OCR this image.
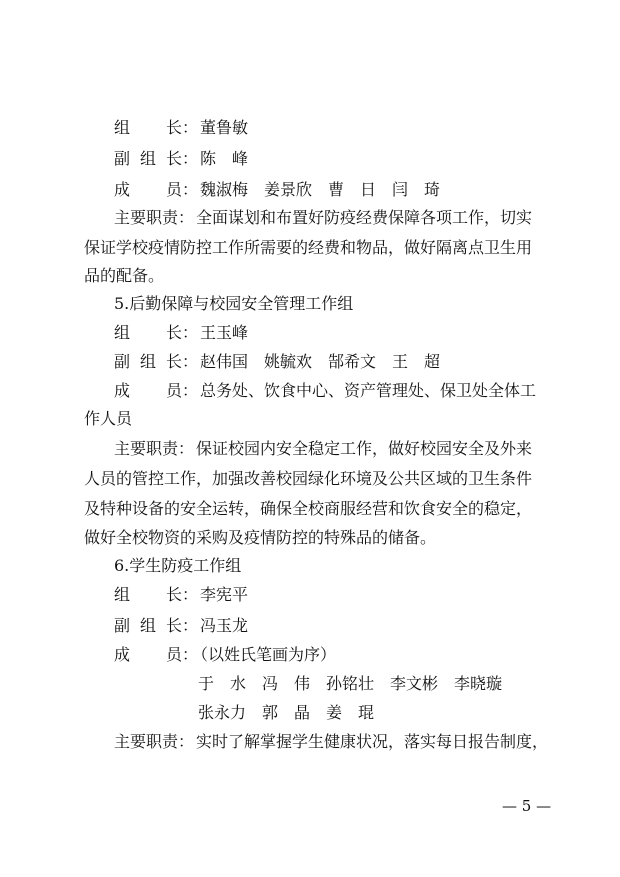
组　长： 董鲁敏
副组长： 陈　峰
成　员： 魏淑梅　姜景欣　曹　日　闫　琦
主要职责： 全面谋划和布置好防疫经费保障各项工作，切实
保证学校疫情防控工作所需要的经费和物品，做好隔离点卫生用
品的配备。
5.后勤保障与校园安全管理工作组
组　长： 王玉峰
副组长： 赵伟国　姚毓欢　郜希文　王　超
成　员： 总务处、饮食中心、资产管理处、保卫处全体工
作人员
主要职责： 保证校园内安全稳定工作，做好校园安全及外来
人员的管控工作，加强改善校园绿化环境及公共区域的卫生条件
及特种设备的安全运转，确保全校商服经营和饮食安全的稳定，
做好全校物资的采购及疫情防控的特殊品的储备。
6.学生防疫工作组
组　长： 李宪平
副组长： 冯玉龙
成　员： （以姓氏笔画为序）
于　水　冯　伟　孙铭壮　李文彬　李晓璇
张永力　郭　晶　姜　琨
主要职责： 实时了解掌握学生健康状况，落实每日报告制度，
— 5 —
